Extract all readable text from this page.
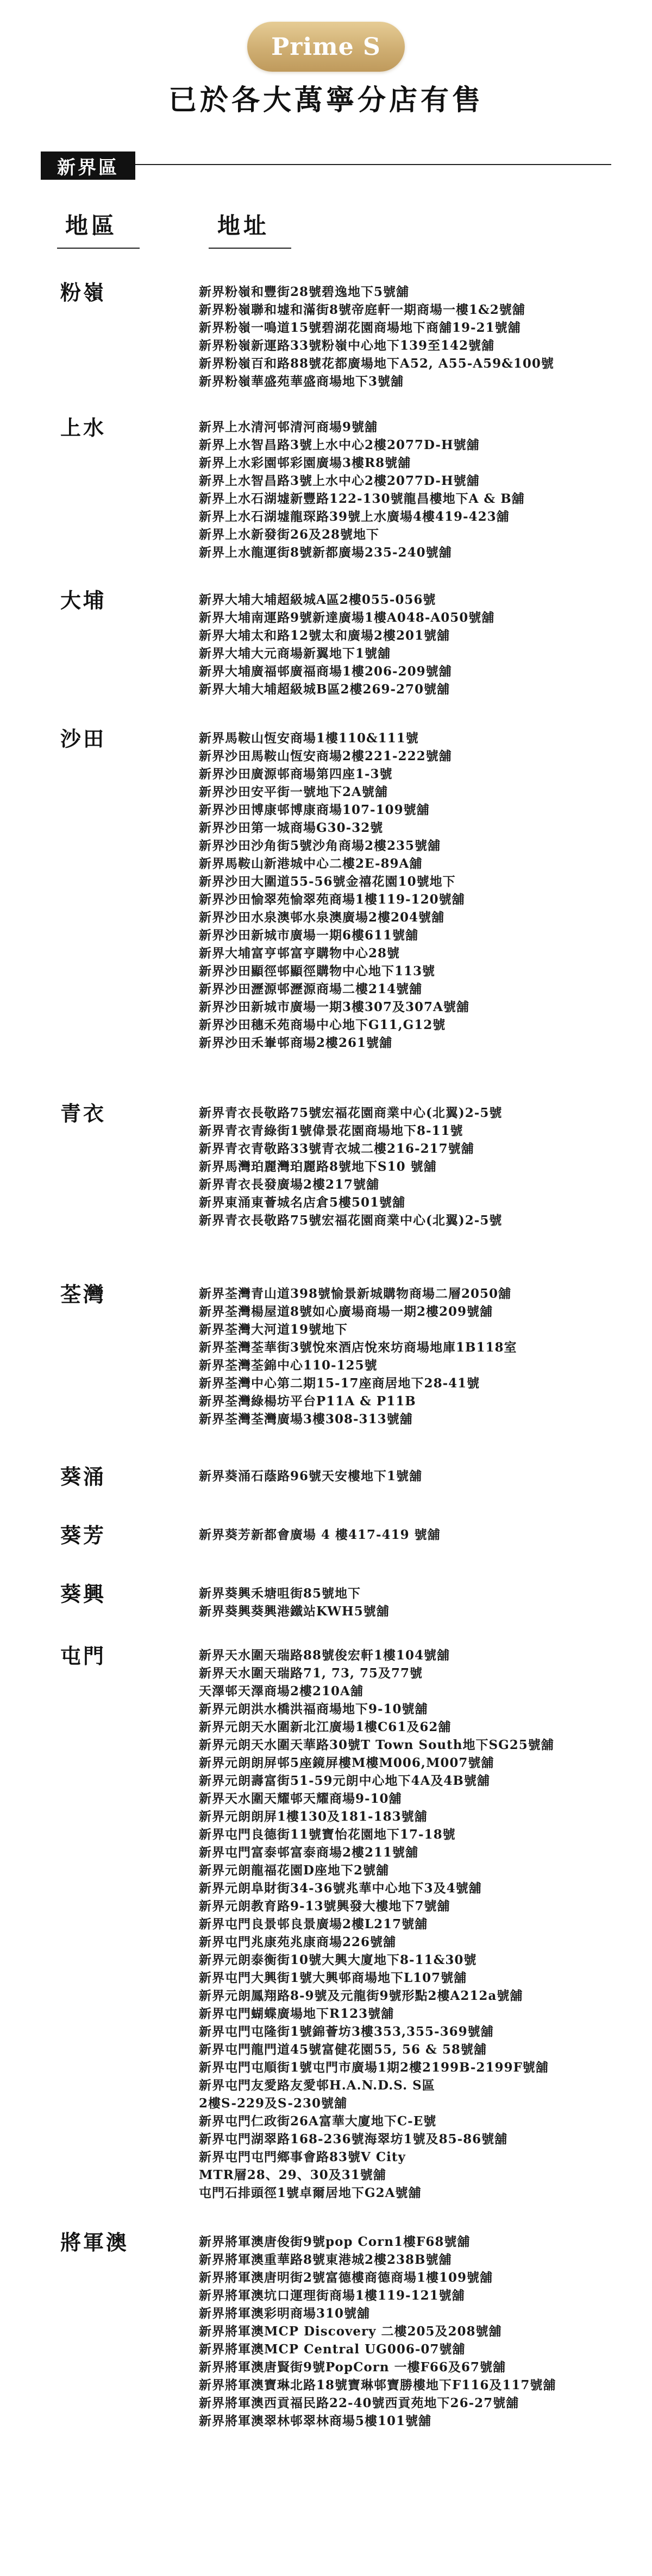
Prime S
已於各大萬寧分店有售
新界區
地區	地址
粉嶺	新界粉嶺和豐街28號碧逸地下5號舖
新界粉嶺聯和墟和滿街8號帝庭軒一期商場一樓1&2號舖
新界粉嶺一鳴道15號碧湖花園商場地下商舖19-21號舖
新界粉嶺新運路33號粉嶺中心地下139至142號舖
新界粉嶺百和路88號花都廣場地下A52, A55-A59&100號
新界粉嶺華盛苑華盛商場地下3號舖
上水	新界上水清河邨清河商場9號舖
新界上水智昌路3號上水中心2樓2077D-H號舖
新界上水彩園邨彩園廣場3樓R8號舖
新界上水智昌路3號上水中心2樓2077D-H號舖
新界上水石湖墟新豐路122-130號龍昌樓地下A & B舖
新界上水石湖墟龍琛路39號上水廣場4樓419-423舖
新界上水新發街26及28號地下
新界上水龍運街8號新都廣場235-240號舖
大埔	新界大埔大埔超級城A區2樓055-056號
新界大埔南運路9號新達廣場1樓A048-A050號舖
新界大埔太和路12號太和廣場2樓201號舖
新界大埔大元商場新翼地下1號舖
新界大埔廣福邨廣福商場1樓206-209號舖
新界大埔大埔超級城B區2樓269-270號舖
沙田	新界馬鞍山恆安商場1樓110&111號
新界沙田馬鞍山恆安商場2樓221-222號舖
新界沙田廣源邨商場第四座1-3號
新界沙田安平街一號地下2A號舖
新界沙田博康邨博康商場107-109號舖
新界沙田第一城商場G30-32號
新界沙田沙角街5號沙角商場2樓235號舖
新界馬鞍山新港城中心二樓2E-89A舖
新界沙田大圍道55-56號金禧花園10號地下
新界沙田愉翠苑愉翠苑商場1樓119-120號舖
新界沙田水泉澳邨水泉澳廣場2樓204號舖
新界沙田新城市廣場一期6樓611號舖
新界大埔富亨邨富亨購物中心28號
新界沙田顯徑邨顯徑購物中心地下113號
新界沙田瀝源邨瀝源商場二樓214號舖
新界沙田新城市廣場一期3樓307及307A號舖
新界沙田穗禾苑商場中心地下G11,G12號
新界沙田禾輋邨商場2樓261號舖
青衣	新界青衣長敬路75號宏福花園商業中心(北翼)2-5號
新界青衣青綠街1號偉景花園商場地下8-11號
新界青衣青敬路33號青衣城二樓216-217號舖
新界馬灣珀麗灣珀麗路8號地下S10 號舖
新界青衣長發廣場2樓217號舖
新界東涌東薈城名店倉5樓501號舖
新界青衣長敬路75號宏福花園商業中心(北翼)2-5號
荃灣	新界荃灣青山道398號愉景新城購物商場二層2050舖
新界荃灣楊屋道8號如心廣場商場一期2樓209號舖
新界荃灣大河道19號地下
新界荃灣荃華街3號悅來酒店悅來坊商場地庫1B118室
新界荃灣荃錦中心110-125號
新界荃灣中心第二期15-17座商居地下28-41號
新界荃灣綠楊坊平台P11A & P11B
新界荃灣荃灣廣場3樓308-313號舖
葵涌	新界葵涌石蔭路96號天安樓地下1號舖
葵芳	新界葵芳新都會廣場 4 樓417-419 號舖
葵興	新界葵興禾塘咀街85號地下
新界葵興葵興港鐵站KWH5號舖
屯門	新界天水圍天瑞路88號俊宏軒1樓104號舖
新界天水圍天瑞路71, 73, 75及77號
天澤邨天澤商場2樓210A舖
新界元朗洪水橋洪福商場地下9-10號舖
新界元朗天水圍新北江廣場1樓C61及62舖
新界元朗天水圍天華路30號T Town South地下SG25號舖
新界元朗朗屏邨5座鏡屏樓M樓M006,M007號舖
新界元朗壽富街51-59元朗中心地下4A及4B號舖
新界天水圍天耀邨天耀商場9-10舖
新界元朗朗屏1樓130及181-183號舖
新界屯門良德街11號寶怡花園地下17-18號
新界屯門富泰邨富泰商場2樓211號舖
新界元朗龍福花園D座地下2號舖
新界元朗阜財街34-36號兆華中心地下3及4號舖
新界元朗教育路9-13號興發大樓地下7號舖
新界屯門良景邨良景廣場2樓L217號舖
新界屯門兆康苑兆康商場226號舖
新界元朗泰衡街10號大興大廈地下8-11&30號
新界屯門大興街1號大興邨商場地下L107號舖
新界元朗鳳翔路8-9號及元龍街9號形點2樓A212a號舖
新界屯門蝴蝶廣場地下R123號舖
新界屯門屯隆街1號錦薈坊3樓353,355-369號舖
新界屯門龍門道45號富健花園55, 56 & 58號舖
新界屯門屯順街1號屯門市廣場1期2樓2199B-2199F號舖
新界屯門友愛路友愛邨H.A.N.D.S. S區
2樓S-229及S-230號舖
新界屯門仁政街26A富華大廈地下C-E號
新界屯門湖翠路168-236號海翠坊1號及85-86號舖
新界屯門屯門鄉事會路83號V City
MTR層28、29、30及31號舖
屯門石排頭徑1號卓爾居地下G2A號舖
將軍澳	新界將軍澳唐俊街9號pop Corn1樓F68號舖
新界將軍澳重華路8號東港城2樓238B號舖
新界將軍澳唐明街2號富德樓商德商場1樓109號舖
新界將軍澳坑口運理街商場1樓119-121號舖
新界將軍澳彩明商場310號舖
新界將軍澳MCP Discovery 二樓205及208號舖
新界將軍澳MCP Central UG006-07號舖
新界將軍澳唐賢街9號PopCorn 一樓F66及67號舖
新界將軍澳寶琳北路18號寶琳邨寶勝樓地下F116及117號舖
新界將軍澳西貢福民路22-40號西貢苑地下26-27號舖
新界將軍澳翠林邨翠林商場5樓101號舖
